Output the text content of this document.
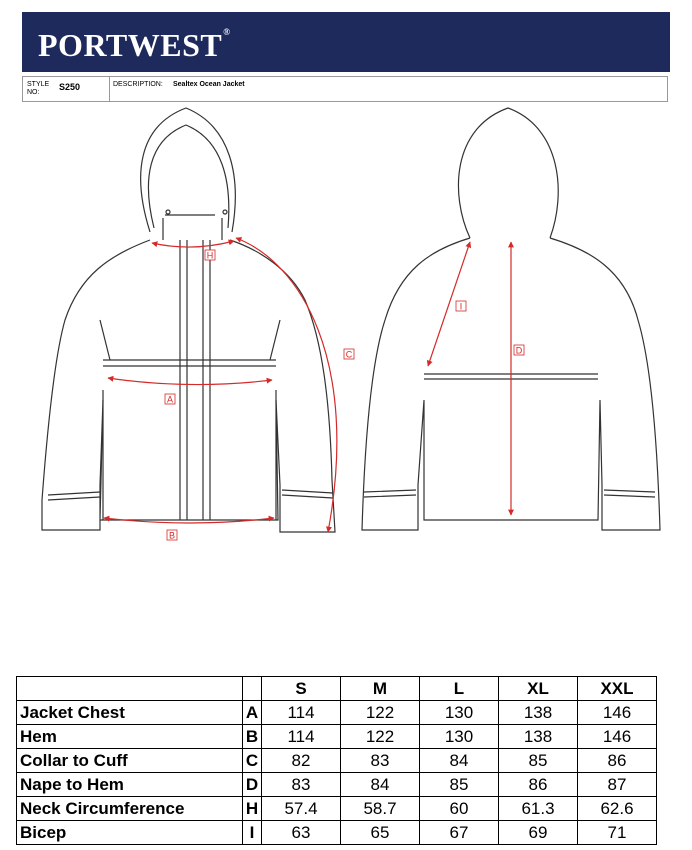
PORTWEST®
STYLE
NO:
S250	DESCRIPTION: Sealtex Ocean Jacket
A
B
H
C	D
I
		S	M	L	XL	XXL
Jacket Chest	A	114	122	130	138	146
Hem	B	114	122	130	138	146
Collar to Cuff	C	82	83	84	85	86
Nape to Hem	D	83	84	85	86	87
Neck Circumference	H	57.4	58.7	60	61.3	62.6
Bicep	I	63	65	67	69	71
